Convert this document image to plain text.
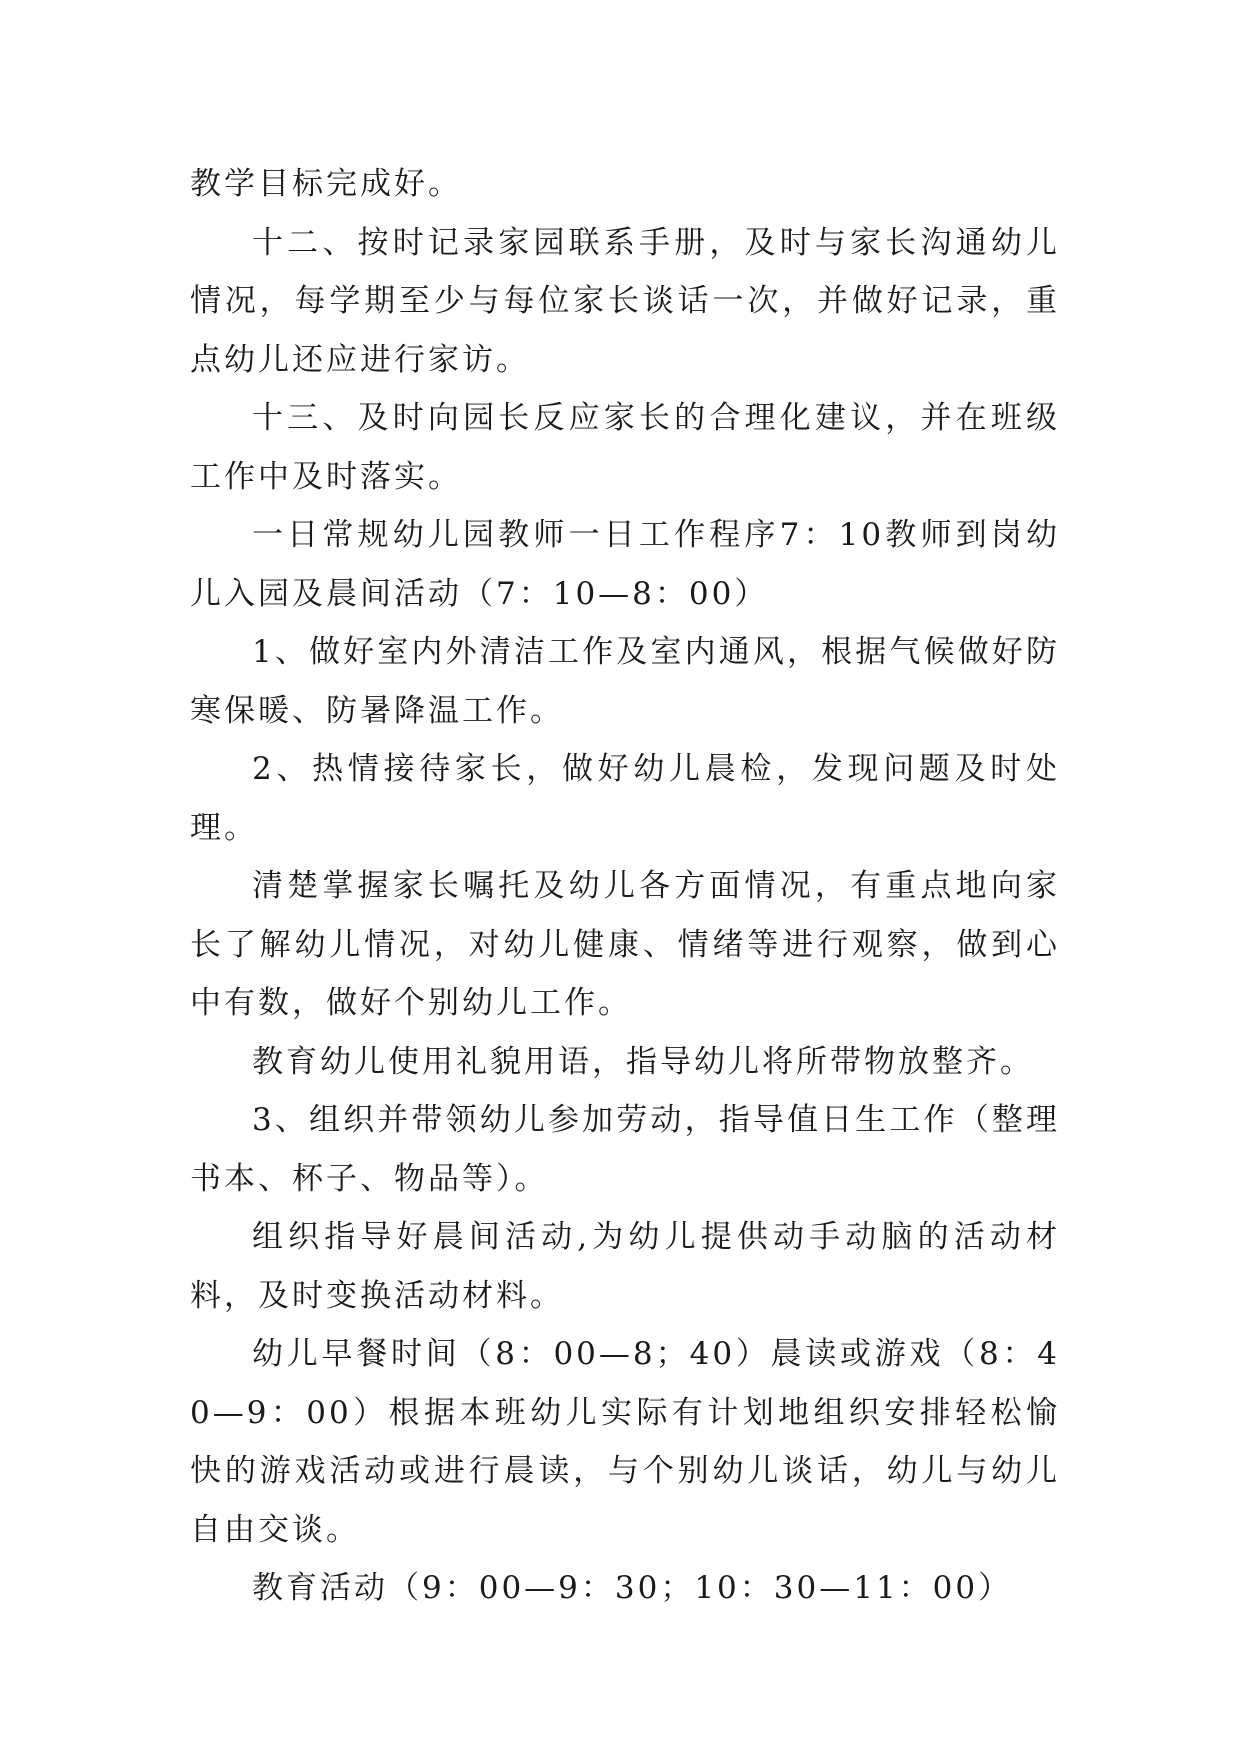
教学目标完成好。

十二、按时记录家园联系手册，及时与家长沟通幼儿情况，每学期至少与每位家长谈话一次，并做好记录，重点幼儿还应进行家访。

十三、及时向园长反应家长的合理化建议，并在班级工作中及时落实。

一日常规幼儿园教师一日工作程序7：10教师到岗幼儿入园及晨间活动（7：10—8：00）

1、做好室内外清洁工作及室内通风，根据气候做好防寒保暖、防暑降温工作。

2、热情接待家长，做好幼儿晨检，发现问题及时处理。

清楚掌握家长嘱托及幼儿各方面情况，有重点地向家长了解幼儿情况，对幼儿健康、情绪等进行观察，做到心中有数，做好个别幼儿工作。

教育幼儿使用礼貌用语，指导幼儿将所带物放整齐。

3、组织并带领幼儿参加劳动，指导值日生工作（整理书本、杯子、物品等）。

组织指导好晨间活动,为幼儿提供动手动脑的活动材料，及时变换活动材料。

幼儿早餐时间（8：00—8；40）晨读或游戏（8：40—9：00）根据本班幼儿实际有计划地组织安排轻松愉快的游戏活动或进行晨读，与个别幼儿谈话，幼儿与幼儿自由交谈。

教育活动（9：00—9：30；10：30—11：00）
